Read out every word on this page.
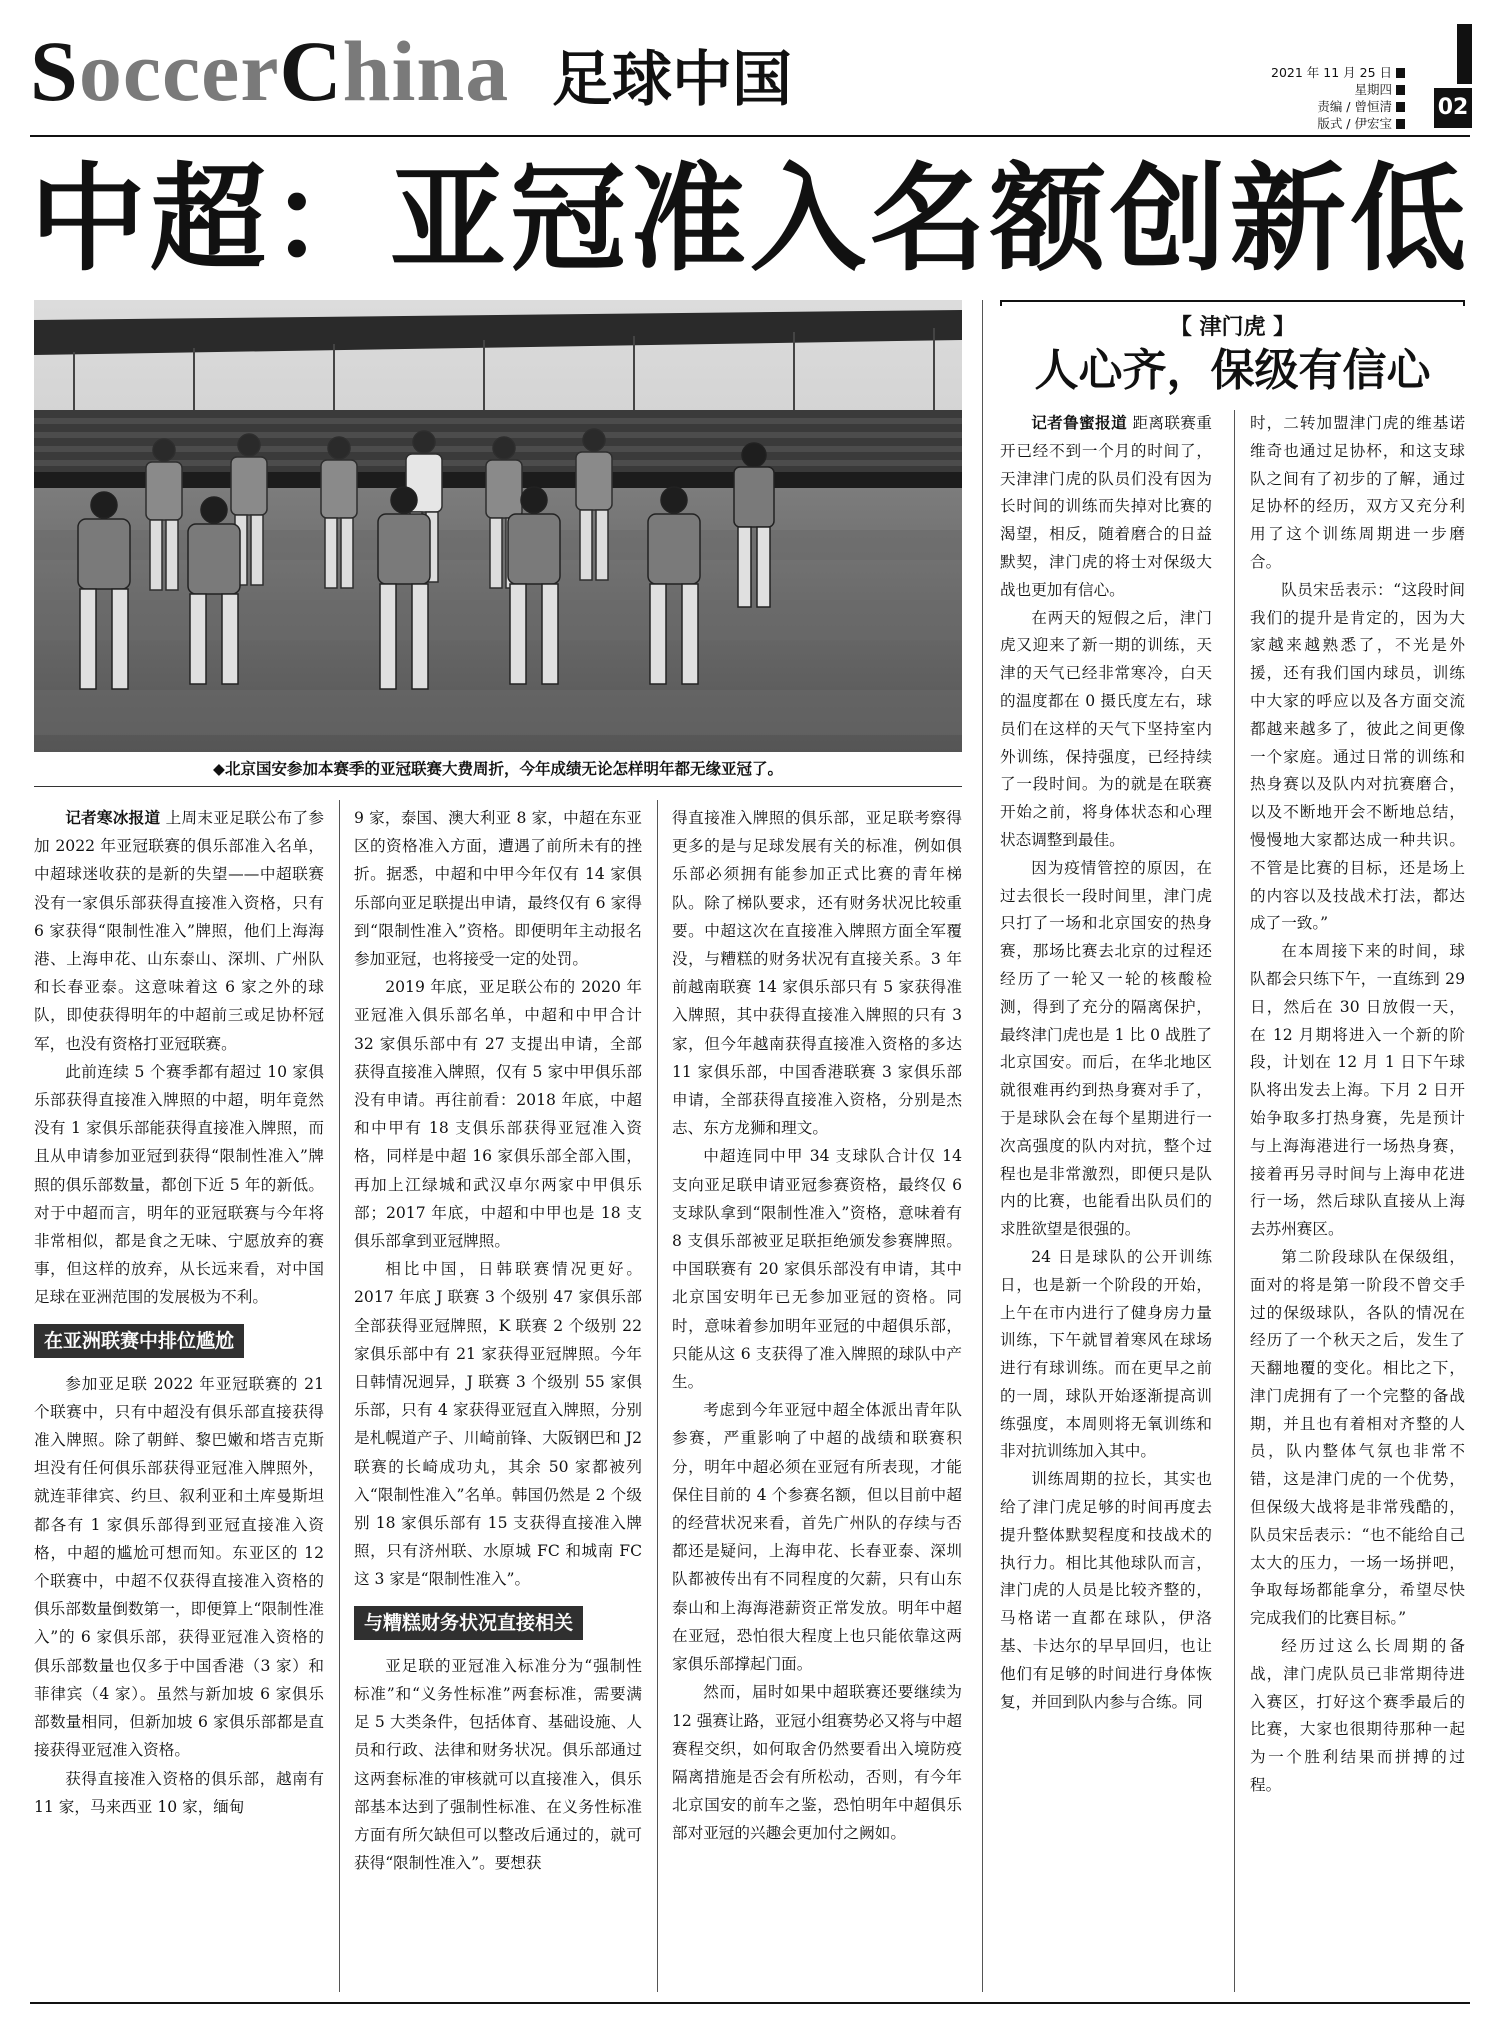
SoccerChina 足球中国	2021 年 11 月 25 日
星期四
责编 / 曾恒清
版式 / 伊宏宝
02
中超：亚冠准入名额创新低
◆北京国安参加本赛季的亚冠联赛大费周折，今年成绩无论怎样明年都无缘亚冠了。

记者寒冰报道 上周末亚足联公布了参加 2022 年亚冠联赛的俱乐部准入名单，中超球迷收获的是新的失望——中超联赛没有一家俱乐部获得直接准入资格，只有 6 家获得“限制性准入”牌照，他们上海海港、上海申花、山东泰山、深圳、广州队和长春亚泰。这意味着这 6 家之外的球队，即使获得明年的中超前三或足协杯冠军，也没有资格打亚冠联赛。

此前连续 5 个赛季都有超过 10 家俱乐部获得直接准入牌照的中超，明年竟然没有 1 家俱乐部能获得直接准入牌照，而且从申请参加亚冠到获得“限制性准入”牌照的俱乐部数量，都创下近 5 年的新低。对于中超而言，明年的亚冠联赛与今年将非常相似，都是食之无味、宁愿放弃的赛事，但这样的放弃，从长远来看，对中国足球在亚洲范围的发展极为不利。

在亚洲联赛中排位尴尬

参加亚足联 2022 年亚冠联赛的 21 个联赛中，只有中超没有俱乐部直接获得准入牌照。除了朝鲜、黎巴嫩和塔吉克斯坦没有任何俱乐部获得亚冠准入牌照外，就连菲律宾、约旦、叙利亚和土库曼斯坦都各有 1 家俱乐部得到亚冠直接准入资格，中超的尴尬可想而知。东亚区的 12 个联赛中，中超不仅获得直接准入资格的俱乐部数量倒数第一，即便算上“限制性准入”的 6 家俱乐部，获得亚冠准入资格的俱乐部数量也仅多于中国香港（3 家）和菲律宾（4 家）。虽然与新加坡 6 家俱乐部数量相同，但新加坡 6 家俱乐部都是直接获得亚冠准入资格。

获得直接准入资格的俱乐部，越南有 11 家，马来西亚 10 家，缅甸

9 家，泰国、澳大利亚 8 家，中超在东亚区的资格准入方面，遭遇了前所未有的挫折。据悉，中超和中甲今年仅有 14 家俱乐部向亚足联提出申请，最终仅有 6 家得到“限制性准入”资格。即便明年主动报名参加亚冠，也将接受一定的处罚。

2019 年底，亚足联公布的 2020 年亚冠准入俱乐部名单，中超和中甲合计 32 家俱乐部中有 27 支提出申请，全部获得直接准入牌照，仅有 5 家中甲俱乐部没有申请。再往前看：2018 年底，中超和中甲有 18 支俱乐部获得亚冠准入资格，同样是中超 16 家俱乐部全部入围，再加上江绿城和武汉卓尔两家中甲俱乐部；2017 年底，中超和中甲也是 18 支俱乐部拿到亚冠牌照。

相比中国，日韩联赛情况更好。2017 年底 J 联赛 3 个级别 47 家俱乐部全部获得亚冠牌照，K 联赛 2 个级别 22 家俱乐部中有 21 家获得亚冠牌照。今年日韩情况迥异，J 联赛 3 个级别 55 家俱乐部，只有 4 家获得亚冠直入牌照，分别是札幌道产子、川崎前锋、大阪钢巴和 J2 联赛的长崎成功丸，其余 50 家都被列入“限制性准入”名单。韩国仍然是 2 个级别 18 家俱乐部有 15 支获得直接准入牌照，只有济州联、水原城 FC 和城南 FC 这 3 家是“限制性准入”。

与糟糕财务状况直接相关

亚足联的亚冠准入标准分为“强制性标准”和“义务性标准”两套标准，需要满足 5 大类条件，包括体育、基础设施、人员和行政、法律和财务状况。俱乐部通过这两套标准的审核就可以直接准入，俱乐部基本达到了强制性标准、在义务性标准方面有所欠缺但可以整改后通过的，就可获得“限制性准入”。要想获

得直接准入牌照的俱乐部，亚足联考察得更多的是与足球发展有关的标准，例如俱乐部必须拥有能参加正式比赛的青年梯队。除了梯队要求，还有财务状况比较重要。中超这次在直接准入牌照方面全军覆没，与糟糕的财务状况有直接关系。3 年前越南联赛 14 家俱乐部只有 5 家获得准入牌照，其中获得直接准入牌照的只有 3 家，但今年越南获得直接准入资格的多达 11 家俱乐部，中国香港联赛 3 家俱乐部申请，全部获得直接准入资格，分别是杰志、东方龙狮和理文。

中超连同中甲 34 支球队合计仅 14 支向亚足联申请亚冠参赛资格，最终仅 6 支球队拿到“限制性准入”资格，意味着有 8 支俱乐部被亚足联拒绝颁发参赛牌照。中国联赛有 20 家俱乐部没有申请，其中北京国安明年已无参加亚冠的资格。同时，意味着参加明年亚冠的中超俱乐部，只能从这 6 支获得了准入牌照的球队中产生。

考虑到今年亚冠中超全体派出青年队参赛，严重影响了中超的战绩和联赛积分，明年中超必须在亚冠有所表现，才能保住目前的 4 个参赛名额，但以目前中超的经营状况来看，首先广州队的存续与否都还是疑问，上海申花、长春亚泰、深圳队都被传出有不同程度的欠薪，只有山东泰山和上海海港薪资正常发放。明年中超在亚冠，恐怕很大程度上也只能依靠这两家俱乐部撑起门面。

然而，届时如果中超联赛还要继续为 12 强赛让路，亚冠小组赛势必又将与中超赛程交织，如何取舍仍然要看出入境防疫隔离措施是否会有所松动，否则，有今年北京国安的前车之鉴，恐怕明年中超俱乐部对亚冠的兴趣会更加付之阙如。

【 津门虎 】
人心齐，保级有信心

记者鲁蜜报道 距离联赛重开已经不到一个月的时间了，天津津门虎的队员们没有因为长时间的训练而失掉对比赛的渴望，相反，随着磨合的日益默契，津门虎的将士对保级大战也更加有信心。

在两天的短假之后，津门虎又迎来了新一期的训练，天津的天气已经非常寒冷，白天的温度都在 0 摄氏度左右，球员们在这样的天气下坚持室内外训练，保持强度，已经持续了一段时间。为的就是在联赛开始之前，将身体状态和心理状态调整到最佳。

因为疫情管控的原因，在过去很长一段时间里，津门虎只打了一场和北京国安的热身赛，那场比赛去北京的过程还经历了一轮又一轮的核酸检测，得到了充分的隔离保护，最终津门虎也是 1 比 0 战胜了北京国安。而后，在华北地区就很难再约到热身赛对手了，于是球队会在每个星期进行一次高强度的队内对抗，整个过程也是非常激烈，即便只是队内的比赛，也能看出队员们的求胜欲望是很强的。

24 日是球队的公开训练日，也是新一个阶段的开始，上午在市内进行了健身房力量训练，下午就冒着寒风在球场进行有球训练。而在更早之前的一周，球队开始逐渐提高训练强度，本周则将无氧训练和非对抗训练加入其中。

训练周期的拉长，其实也给了津门虎足够的时间再度去提升整体默契程度和技战术的执行力。相比其他球队而言，津门虎的人员是比较齐整的，马格诺一直都在球队，伊洛基、卡达尔的早早回归，也让他们有足够的时间进行身体恢复，并回到队内参与合练。同

时，二转加盟津门虎的维基诺维奇也通过足协杯，和这支球队之间有了初步的了解，通过足协杯的经历，双方又充分利用了这个训练周期进一步磨合。

队员宋岳表示：“这段时间我们的提升是肯定的，因为大家越来越熟悉了，不光是外援，还有我们国内球员，训练中大家的呼应以及各方面交流都越来越多了，彼此之间更像一个家庭。通过日常的训练和热身赛以及队内对抗赛磨合，以及不断地开会不断地总结，慢慢地大家都达成一种共识。不管是比赛的目标，还是场上的内容以及技战术打法，都达成了一致。”

在本周接下来的时间，球队都会只练下午，一直练到 29 日，然后在 30 日放假一天，在 12 月期将进入一个新的阶段，计划在 12 月 1 日下午球队将出发去上海。下月 2 日开始争取多打热身赛，先是预计与上海海港进行一场热身赛，接着再另寻时间与上海申花进行一场，然后球队直接从上海去苏州赛区。

第二阶段球队在保级组，面对的将是第一阶段不曾交手过的保级球队，各队的情况在经历了一个秋天之后，发生了天翻地覆的变化。相比之下，津门虎拥有了一个完整的备战期，并且也有着相对齐整的人员，队内整体气氛也非常不错，这是津门虎的一个优势，但保级大战将是非常残酷的，队员宋岳表示：“也不能给自己太大的压力，一场一场拼吧，争取每场都能拿分，希望尽快完成我们的比赛目标。”

经历过这么长周期的备战，津门虎队员已非常期待进入赛区，打好这个赛季最后的比赛，大家也很期待那种一起为一个胜利结果而拼搏的过程。
